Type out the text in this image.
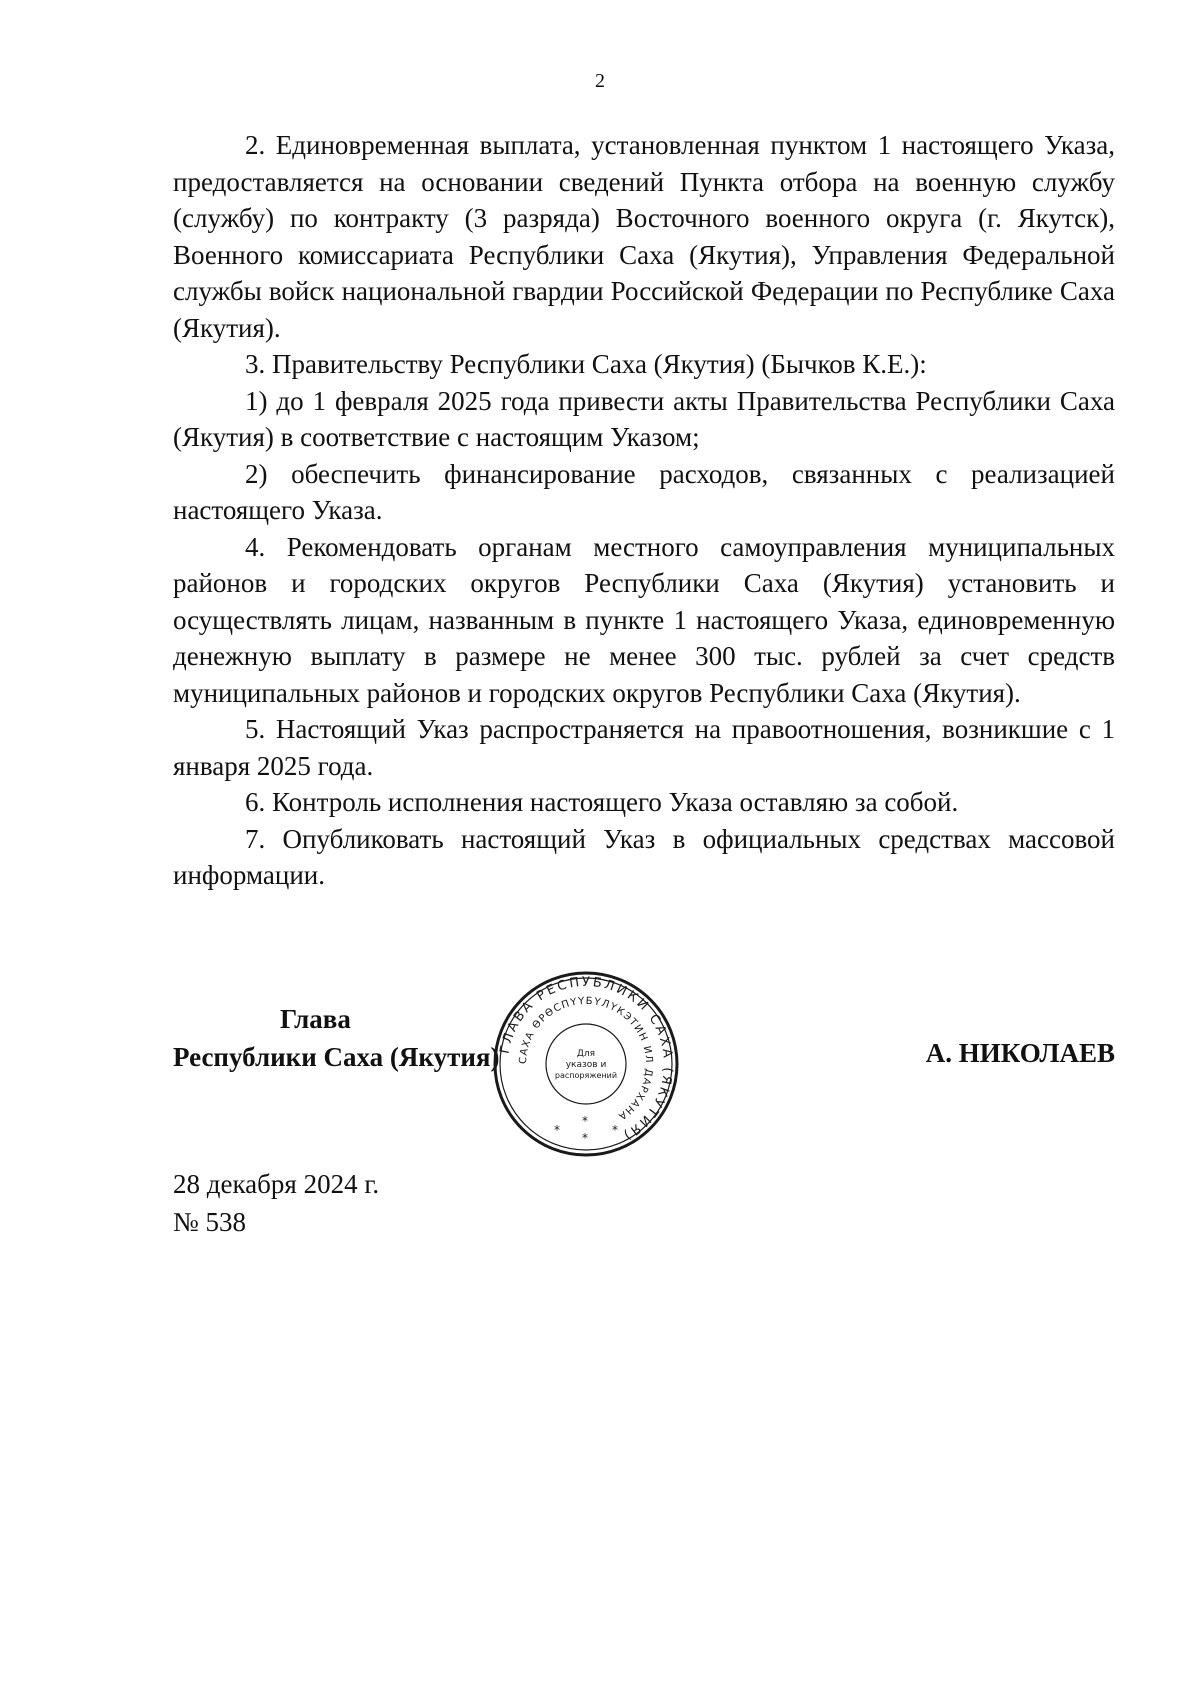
2

2. Единовременная выплата, установленная пунктом 1 настоящего Указа, предоставляется на основании сведений Пункта отбора на военную службу (службу) по контракту (3 разряда) Восточного военного округа (г. Якутск), Военного комиссариата Республики Саха (Якутия), Управления Федеральной службы войск национальной гвардии Российской Федерации по Республике Саха (Якутия).

3. Правительству Республики Саха (Якутия) (Бычков К.Е.):

1) до 1 февраля 2025 года привести акты Правительства Республики Саха (Якутия) в соответствие с настоящим Указом;

2) обеспечить финансирование расходов, связанных с реализацией настоящего Указа.

4. Рекомендовать органам местного самоуправления муниципальных районов и городских округов Республики Саха (Якутия) установить и осуществлять лицам, названным в пункте 1 настоящего Указа, единовременную денежную выплату в размере не менее 300 тыс. рублей за счет средств муниципальных районов и городских округов Республики Саха (Якутия).

5. Настоящий Указ распространяется на правоотношения, возникшие с 1 января 2025 года.

6. Контроль исполнения настоящего Указа оставляю за собой.

7. Опубликовать настоящий Указ в официальных средствах массовой информации.

Глава
Республики Саха (Якутия)
ГЛАВА РЕСПУБЛИКИ САХА (ЯКУТИЯ)
САХА ӨРӨСПҮҮБҮЛҮКЭТИН ИЛ ДАРХАНА
Для
указов и
распоряжений
*
*
*
*
А. НИКОЛАЕВ
28 декабря 2024 г.
№ 538
